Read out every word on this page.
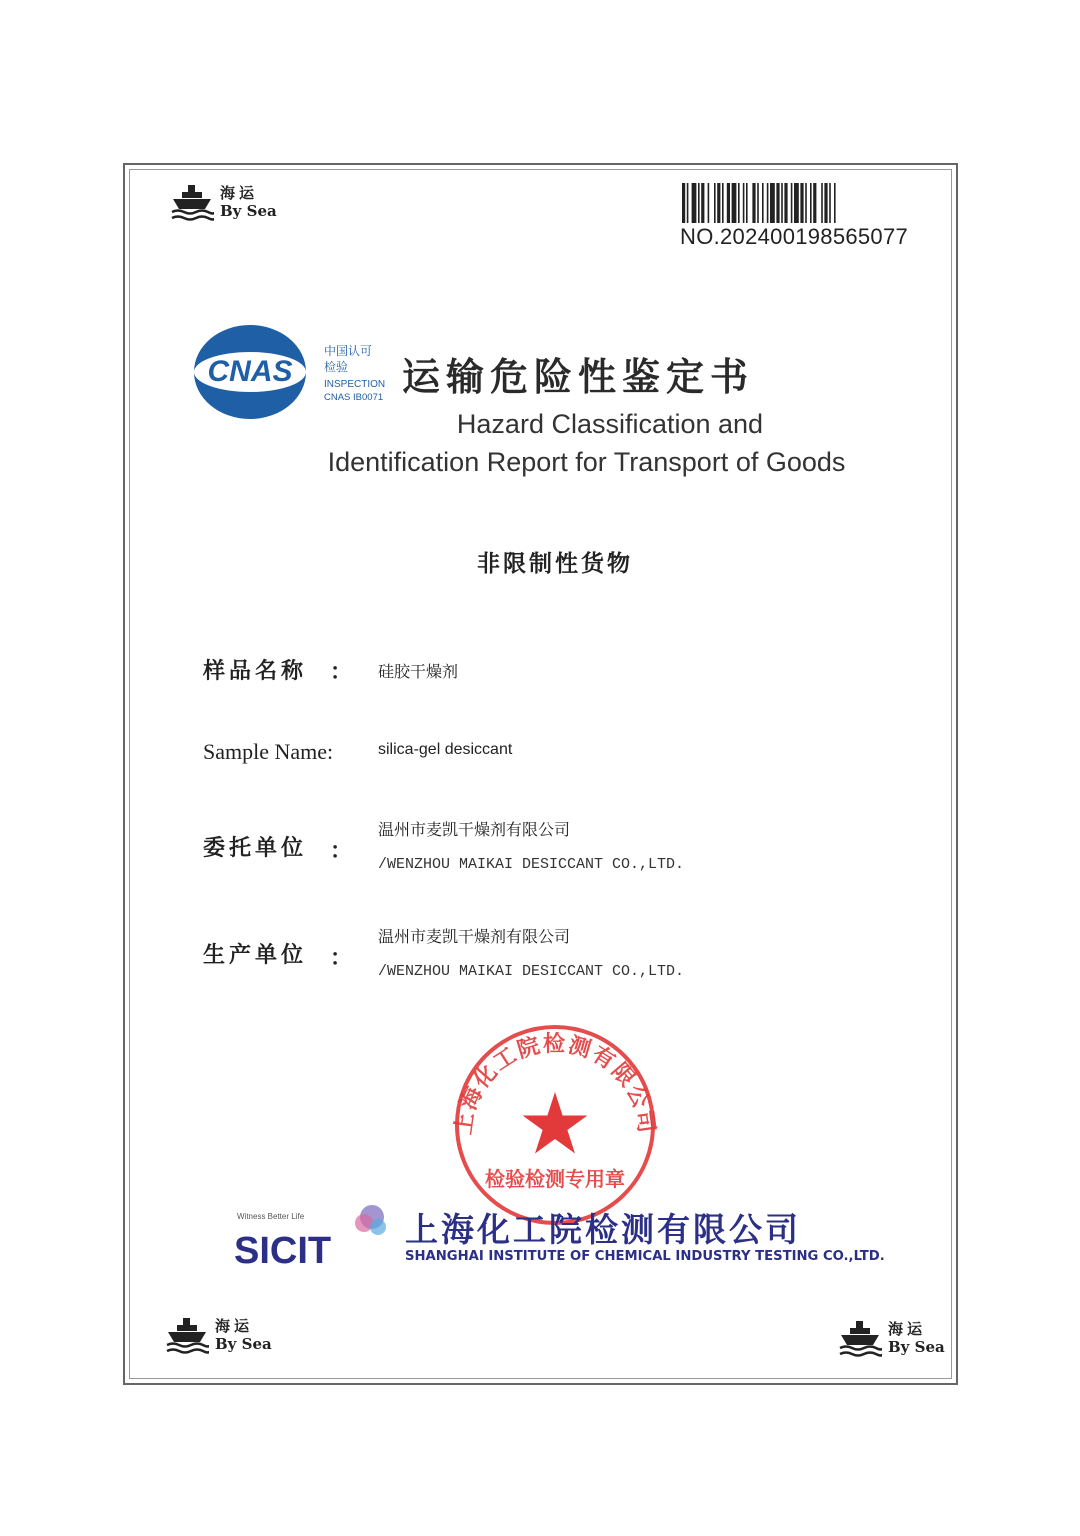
海运
By Sea
NO.202400198565077
CNAS
中国认可
检验
INSPECTION
CNAS IB0071 运输危险性鉴定书
Hazard Classification and
Identification Report for Transport of Goods
非限制性货物
样品名称 ： 硅胶干燥剂
Sample Name:	silica-gel desiccant
委托单位 ：
温州市麦凯干燥剂有限公司
/WENZHOU MAIKAI DESICCANT CO.,LTD.
生产单位 ：
温州市麦凯干燥剂有限公司
/WENZHOU MAIKAI DESICCANT CO.,LTD.
上海化工院检测有限公司
检验检测专用章
Witness Better Life
SICIT
上海化工院检测有限公司
SHANGHAI INSTITUTE OF CHEMICAL INDUSTRY TESTING CO.,LTD.
海运
By Sea
海运
By Sea
